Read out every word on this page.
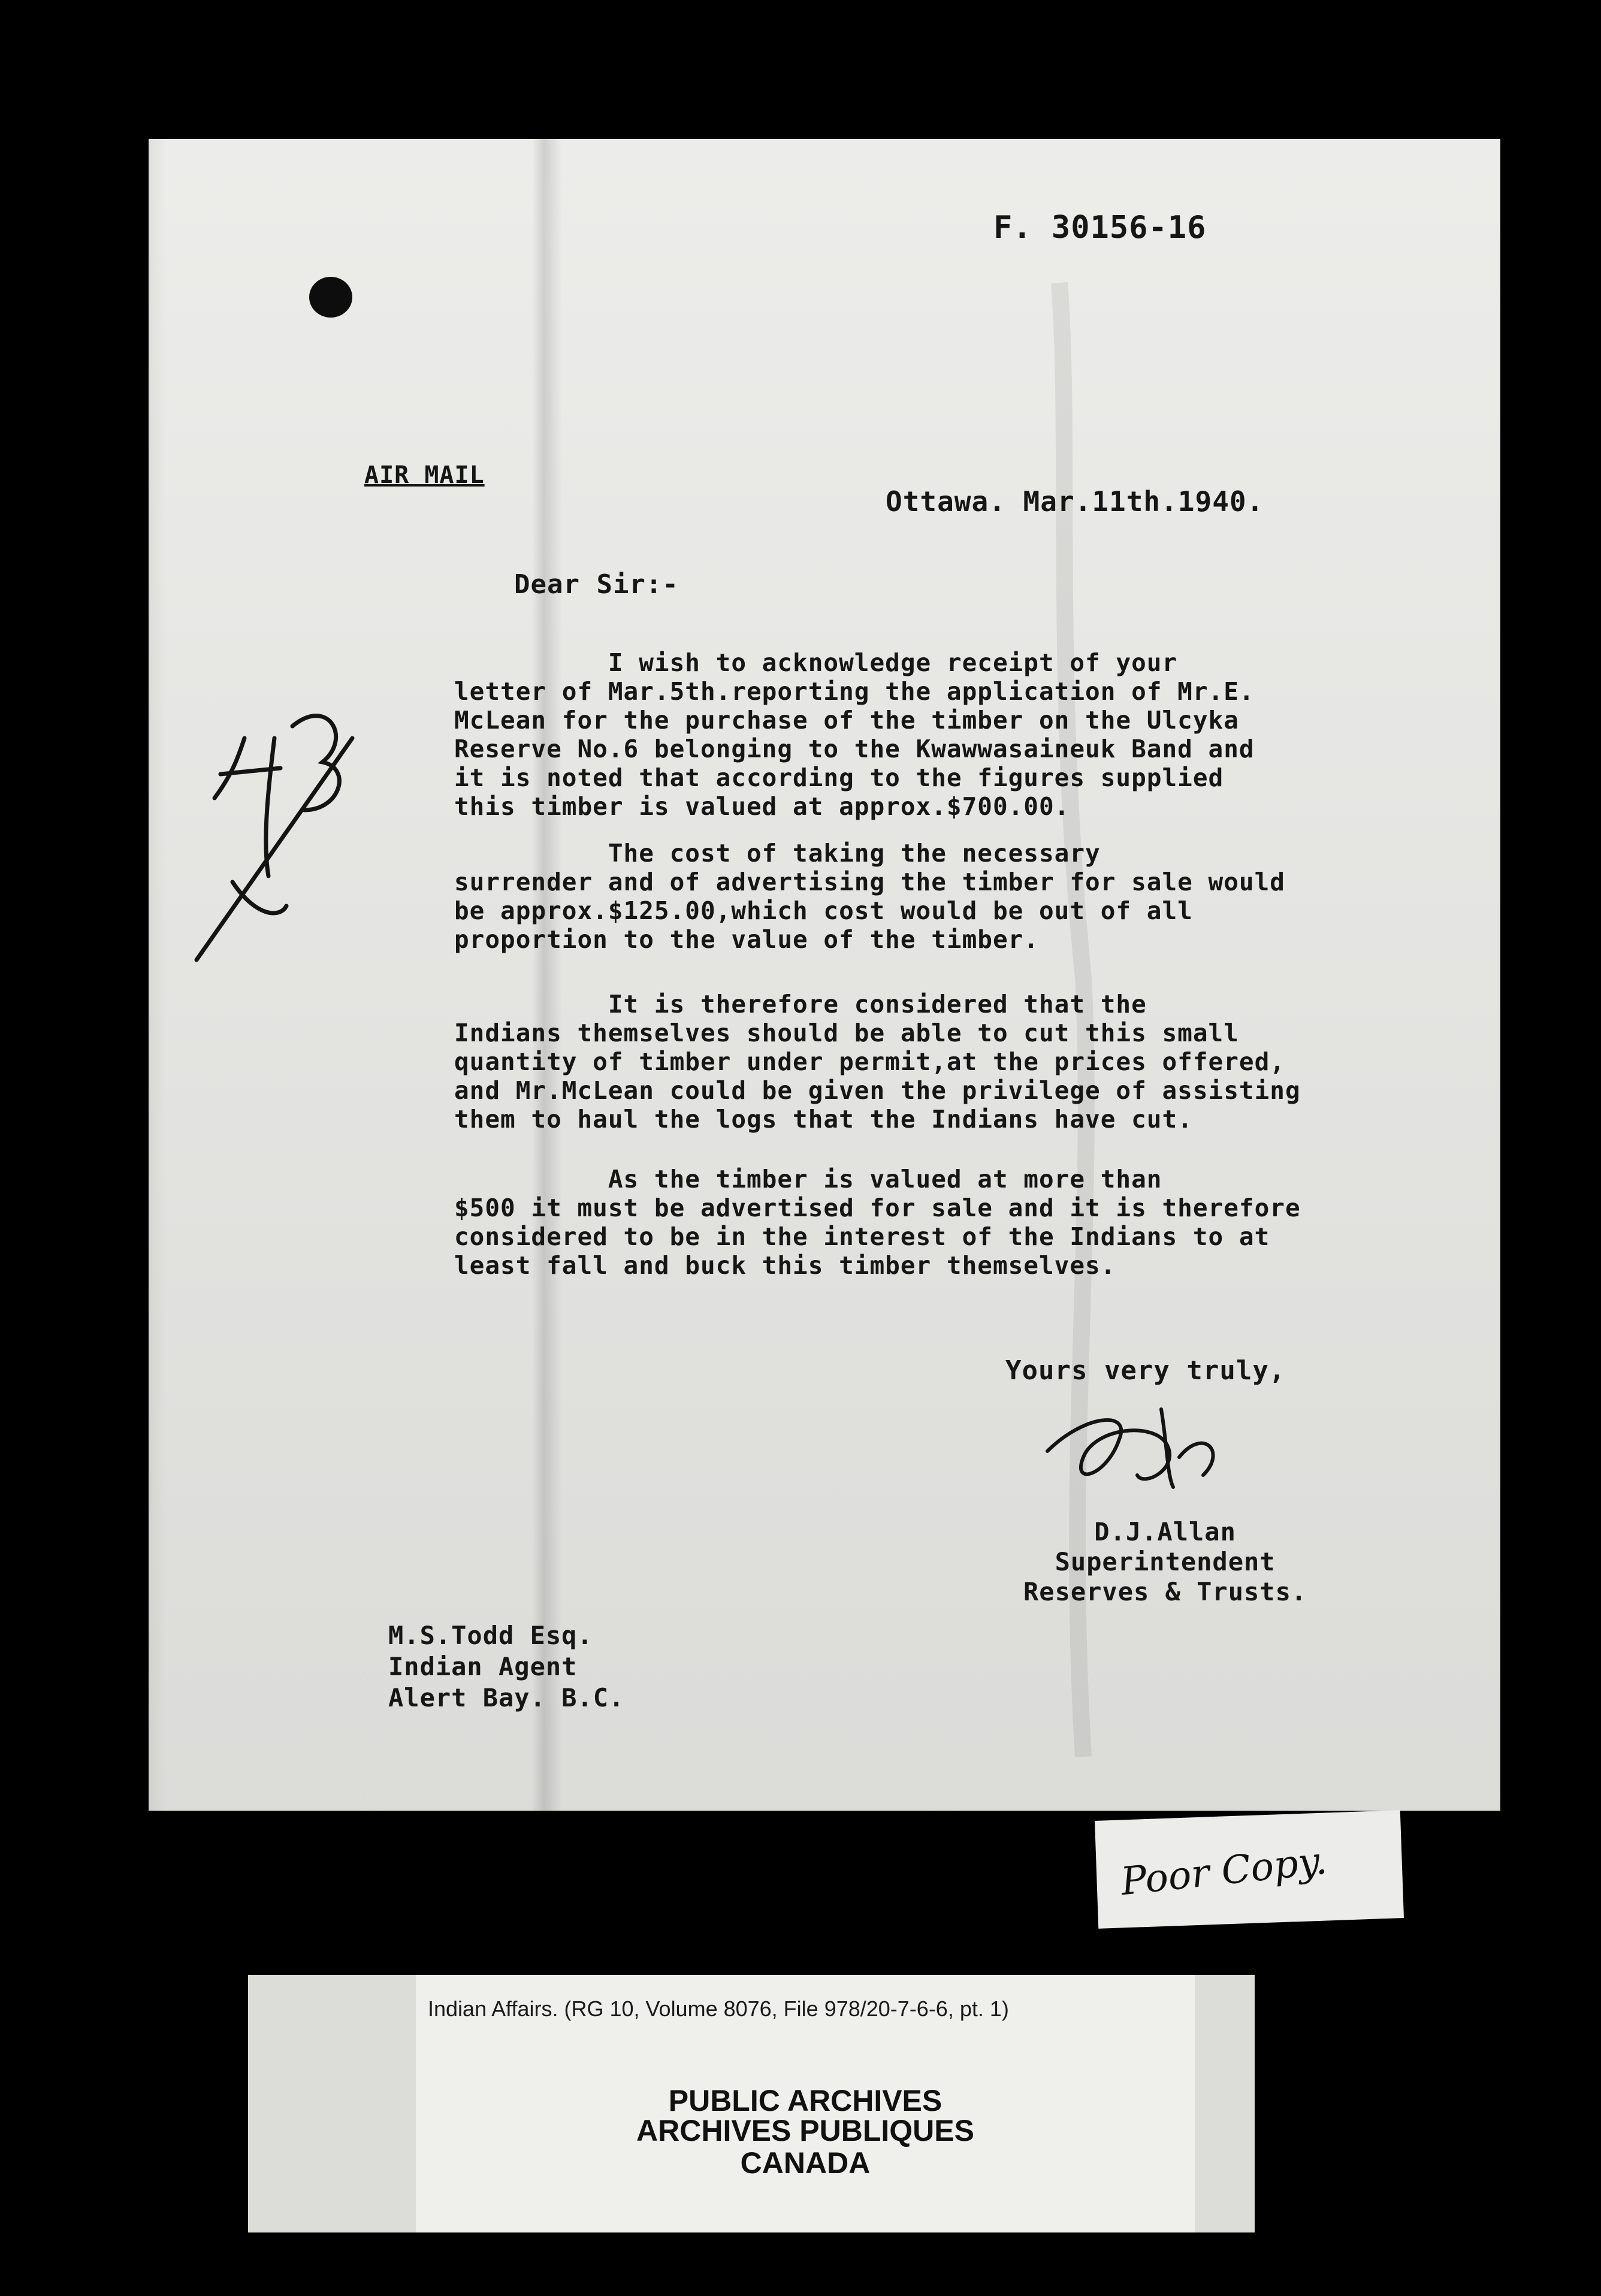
F. 30156-16
AIR MAIL
Ottawa. Mar.11th.1940.
Dear Sir:-
I wish to acknowledge receipt of your
letter of Mar.5th.reporting the application of Mr.E.
McLean for the purchase of the timber on the Ulcyka
Reserve No.6 belonging to the Kwawwasaineuk Band and
it is noted that according to the figures supplied
this timber is valued at approx.$700.00.
The cost of taking the necessary
surrender and of advertising the timber for sale would
be approx.$125.00,which cost would be out of all
proportion to the value of the timber.
It is therefore considered that the
Indians themselves should be able to cut this small
quantity of timber under permit,at the prices offered,
and Mr.McLean could be given the privilege of assisting
them to haul the logs that the Indians have cut.
As the timber is valued at more than
$500 it must be advertised for sale and it is therefore
considered to be in the interest of the Indians to at
least fall and buck this timber themselves.
Yours very truly,
D.J.Allan
Superintendent
Reserves & Trusts.
M.S.Todd Esq.
Indian Agent
Alert Bay. B.C.
Poor Copy.
Indian Affairs. (RG 10, Volume 8076, File 978/20-7-6-6, pt. 1)
PUBLIC ARCHIVES
ARCHIVES PUBLIQUES
CANADA
